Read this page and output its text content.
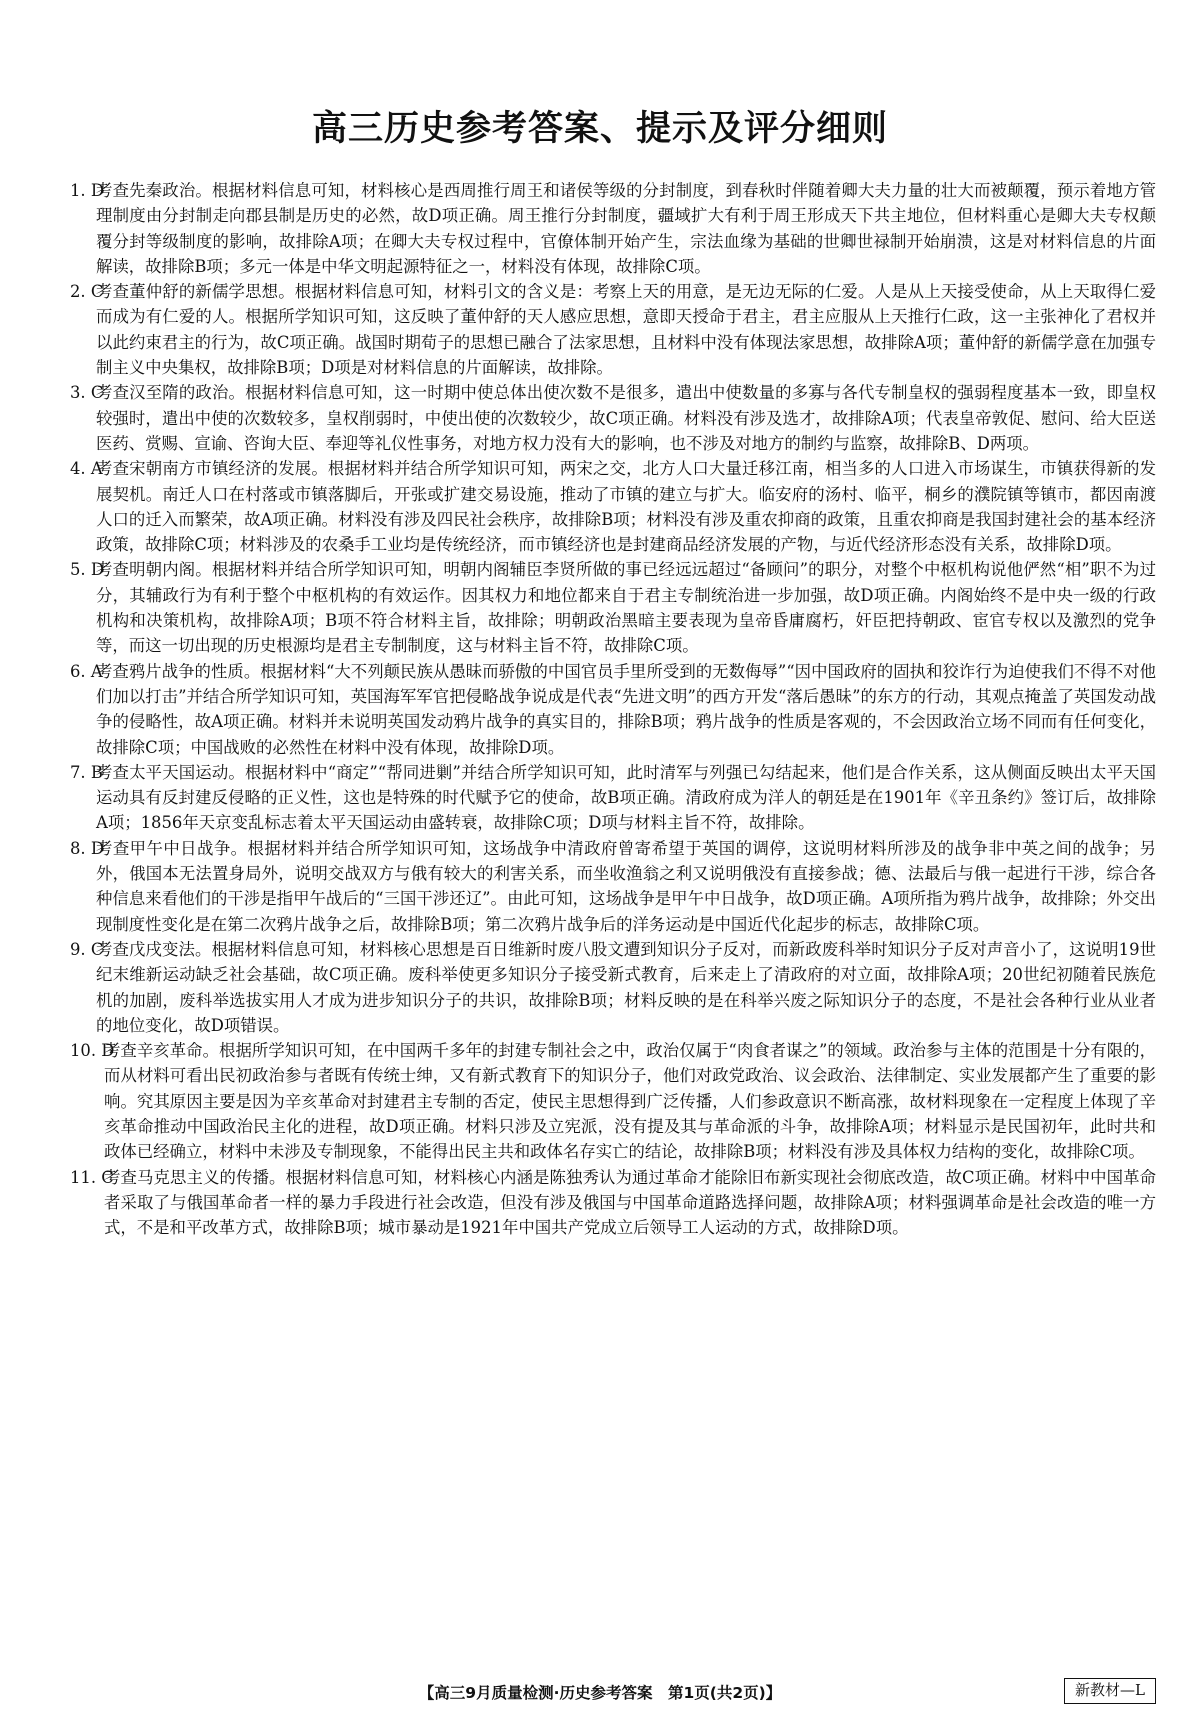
高三历史参考答案、提示及评分细则

1. D
考查先秦政治。根据材料信息可知，材料核心是西周推行周王和诸侯等级的分封制度，到春秋时伴随着卿大夫力量的壮大而被颠覆，预示着地方管理制度由分封制走向郡县制是历史的必然，故D项正确。周王推行分封制度，疆域扩大有利于周王形成天下共主地位，但材料重心是卿大夫专权颠覆分封等级制度的影响，故排除A项；在卿大夫专权过程中，官僚体制开始产生，宗法血缘为基础的世卿世禄制开始崩溃，这是对材料信息的片面解读，故排除B项；多元一体是中华文明起源特征之一，材料没有体现，故排除C项。

2. C
考查董仲舒的新儒学思想。根据材料信息可知，材料引文的含义是：考察上天的用意，是无边无际的仁爱。人是从上天接受使命，从上天取得仁爱而成为有仁爱的人。根据所学知识可知，这反映了董仲舒的天人感应思想，意即天授命于君主，君主应服从上天推行仁政，这一主张神化了君权并以此约束君主的行为，故C项正确。战国时期荀子的思想已融合了法家思想，且材料中没有体现法家思想，故排除A项；董仲舒的新儒学意在加强专制主义中央集权，故排除B项；D项是对材料信息的片面解读，故排除。

3. C
考查汉至隋的政治。根据材料信息可知，这一时期中使总体出使次数不是很多，遣出中使数量的多寡与各代专制皇权的强弱程度基本一致，即皇权较强时，遣出中使的次数较多，皇权削弱时，中使出使的次数较少，故C项正确。材料没有涉及选才，故排除A项；代表皇帝敦促、慰问、给大臣送医药、赏赐、宣谕、咨询大臣、奉迎等礼仪性事务，对地方权力没有大的影响，也不涉及对地方的制约与监察，故排除B、D两项。

4. A
考查宋朝南方市镇经济的发展。根据材料并结合所学知识可知，两宋之交，北方人口大量迁移江南，相当多的人口进入市场谋生，市镇获得新的发展契机。南迁人口在村落或市镇落脚后，开张或扩建交易设施，推动了市镇的建立与扩大。临安府的汤村、临平，桐乡的濮院镇等镇市，都因南渡人口的迁入而繁荣，故A项正确。材料没有涉及四民社会秩序，故排除B项；材料没有涉及重农抑商的政策，且重农抑商是我国封建社会的基本经济政策，故排除C项；材料涉及的农桑手工业均是传统经济，而市镇经济也是封建商品经济发展的产物，与近代经济形态没有关系，故排除D项。

5. D
考查明朝内阁。根据材料并结合所学知识可知，明朝内阁辅臣李贤所做的事已经远远超过“备顾问”的职分，对整个中枢机构说他俨然“相”职不为过分，其辅政行为有利于整个中枢机构的有效运作。因其权力和地位都来自于君主专制统治进一步加强，故D项正确。内阁始终不是中央一级的行政机构和决策机构，故排除A项；B项不符合材料主旨，故排除；明朝政治黑暗主要表现为皇帝昏庸腐朽，奸臣把持朝政、宦官专权以及激烈的党争等，而这一切出现的历史根源均是君主专制制度，这与材料主旨不符，故排除C项。

6. A
考查鸦片战争的性质。根据材料“大不列颠民族从愚昧而骄傲的中国官员手里所受到的无数侮辱”“因中国政府的固执和狡诈行为迫使我们不得不对他们加以打击”并结合所学知识可知，英国海军军官把侵略战争说成是代表“先进文明”的西方开发“落后愚昧”的东方的行动，其观点掩盖了英国发动战争的侵略性，故A项正确。材料并未说明英国发动鸦片战争的真实目的，排除B项；鸦片战争的性质是客观的，不会因政治立场不同而有任何变化，故排除C项；中国战败的必然性在材料中没有体现，故排除D项。

7. B
考查太平天国运动。根据材料中“商定”“帮同进剿”并结合所学知识可知，此时清军与列强已勾结起来，他们是合作关系，这从侧面反映出太平天国运动具有反封建反侵略的正义性，这也是特殊的时代赋予它的使命，故B项正确。清政府成为洋人的朝廷是在1901年《辛丑条约》签订后，故排除A项；1856年天京变乱标志着太平天国运动由盛转衰，故排除C项；D项与材料主旨不符，故排除。

8. D
考查甲午中日战争。根据材料并结合所学知识可知，这场战争中清政府曾寄希望于英国的调停，这说明材料所涉及的战争非中英之间的战争；另外，俄国本无法置身局外，说明交战双方与俄有较大的利害关系，而坐收渔翁之利又说明俄没有直接参战；德、法最后与俄一起进行干涉，综合各种信息来看他们的干涉是指甲午战后的“三国干涉还辽”。由此可知，这场战争是甲午中日战争，故D项正确。A项所指为鸦片战争，故排除；外交出现制度性变化是在第二次鸦片战争之后，故排除B项；第二次鸦片战争后的洋务运动是中国近代化起步的标志，故排除C项。

9. C
考查戊戌变法。根据材料信息可知，材料核心思想是百日维新时废八股文遭到知识分子反对，而新政废科举时知识分子反对声音小了，这说明19世纪末维新运动缺乏社会基础，故C项正确。废科举使更多知识分子接受新式教育，后来走上了清政府的对立面，故排除A项；20世纪初随着民族危机的加剧，废科举选拔实用人才成为进步知识分子的共识，故排除B项；材料反映的是在科举兴废之际知识分子的态度，不是社会各种行业从业者的地位变化，故D项错误。

10. D
考查辛亥革命。根据所学知识可知，在中国两千多年的封建专制社会之中，政治仅属于“肉食者谋之”的领域。政治参与主体的范围是十分有限的，而从材料可看出民初政治参与者既有传统士绅，又有新式教育下的知识分子，他们对政党政治、议会政治、法律制定、实业发展都产生了重要的影响。究其原因主要是因为辛亥革命对封建君主专制的否定，使民主思想得到广泛传播，人们参政意识不断高涨，故材料现象在一定程度上体现了辛亥革命推动中国政治民主化的进程，故D项正确。材料只涉及立宪派，没有提及其与革命派的斗争，故排除A项；材料显示是民国初年，此时共和政体已经确立，材料中未涉及专制现象，不能得出民主共和政体名存实亡的结论，故排除B项；材料没有涉及具体权力结构的变化，故排除C项。

11. C
考查马克思主义的传播。根据材料信息可知，材料核心内涵是陈独秀认为通过革命才能除旧布新实现社会彻底改造，故C项正确。材料中中国革命者采取了与俄国革命者一样的暴力手段进行社会改造，但没有涉及俄国与中国革命道路选择问题，故排除A项；材料强调革命是社会改造的唯一方式，不是和平改革方式，故排除B项；城市暴动是1921年中国共产党成立后领导工人运动的方式，故排除D项。

【高三9月质量检测·历史参考答案　第1页(共2页)】	新教材—L
